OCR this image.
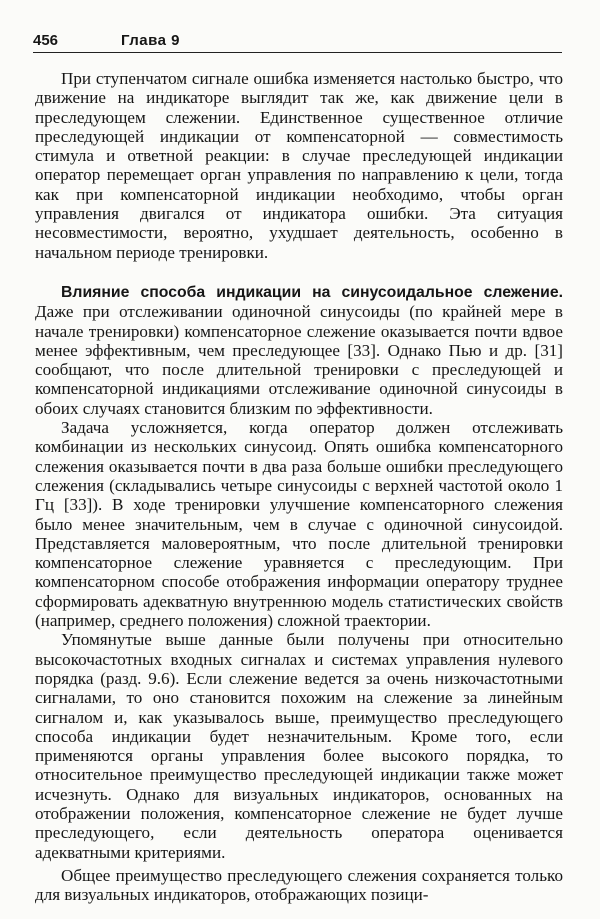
456	Глава 9

При ступенчатом сигнале ошибка изменяется настолько быстро, что движение на индикаторе выглядит так же, как движение цели в преследующем слежении. Единственное существенное отличие преследующей индикации от компенсаторной — совместимость стимула и ответной реакции: в случае преследующей индикации оператор перемещает орган управления по направлению к цели, тогда как при компенсаторной индикации необходимо, чтобы орган управления двигался от индикатора ошибки. Эта ситуация несовместимости, вероятно, ухудшает деятельность, особенно в начальном периоде тренировки.

Влияние способа индикации на синусоидальное слежение. Даже при отслеживании одиночной синусоиды (по крайней мере в начале тренировки) компенсаторное слежение оказывается почти вдвое менее эффективным, чем преследующее [33]. Однако Пью и др. [31] сообщают, что после длительной тренировки с преследующей и компенсаторной индикациями отслеживание одиночной синусоиды в обоих случаях становится близким по эффективности.

Задача усложняется, когда оператор должен отслеживать комбинации из нескольких синусоид. Опять ошибка компенсаторного слежения оказывается почти в два раза больше ошибки преследующего слежения (складывались четыре синусоиды с верхней частотой около 1 Гц [33]). В ходе тренировки улучшение компенсаторного слежения было менее значительным, чем в случае с одиночной синусоидой. Представляется маловероятным, что после длительной тренировки компенсаторное слежение уравняется с преследующим. При компенсаторном способе отображения информации оператору труднее сформировать адекватную внутреннюю модель статистических свойств (например, среднего положения) сложной траектории.

Упомянутые выше данные были получены при относительно высокочастотных входных сигналах и системах управления нулевого порядка (разд. 9.6). Если слежение ведется за очень низкочастотными сигналами, то оно становится похожим на слежение за линейным сигналом и, как указывалось выше, преимущество преследующего способа индикации будет незначительным. Кроме того, если применяются органы управления более высокого порядка, то относительное преимущество преследующей индикации также может исчезнуть. Однако для визуальных индикаторов, основанных на отображении положения, компенсаторное слежение не будет лучше преследующего, если деятельность оператора оценивается адекватными критериями.

Общее преимущество преследующего слежения сохраняется только для визуальных индикаторов, отображающих позици-
